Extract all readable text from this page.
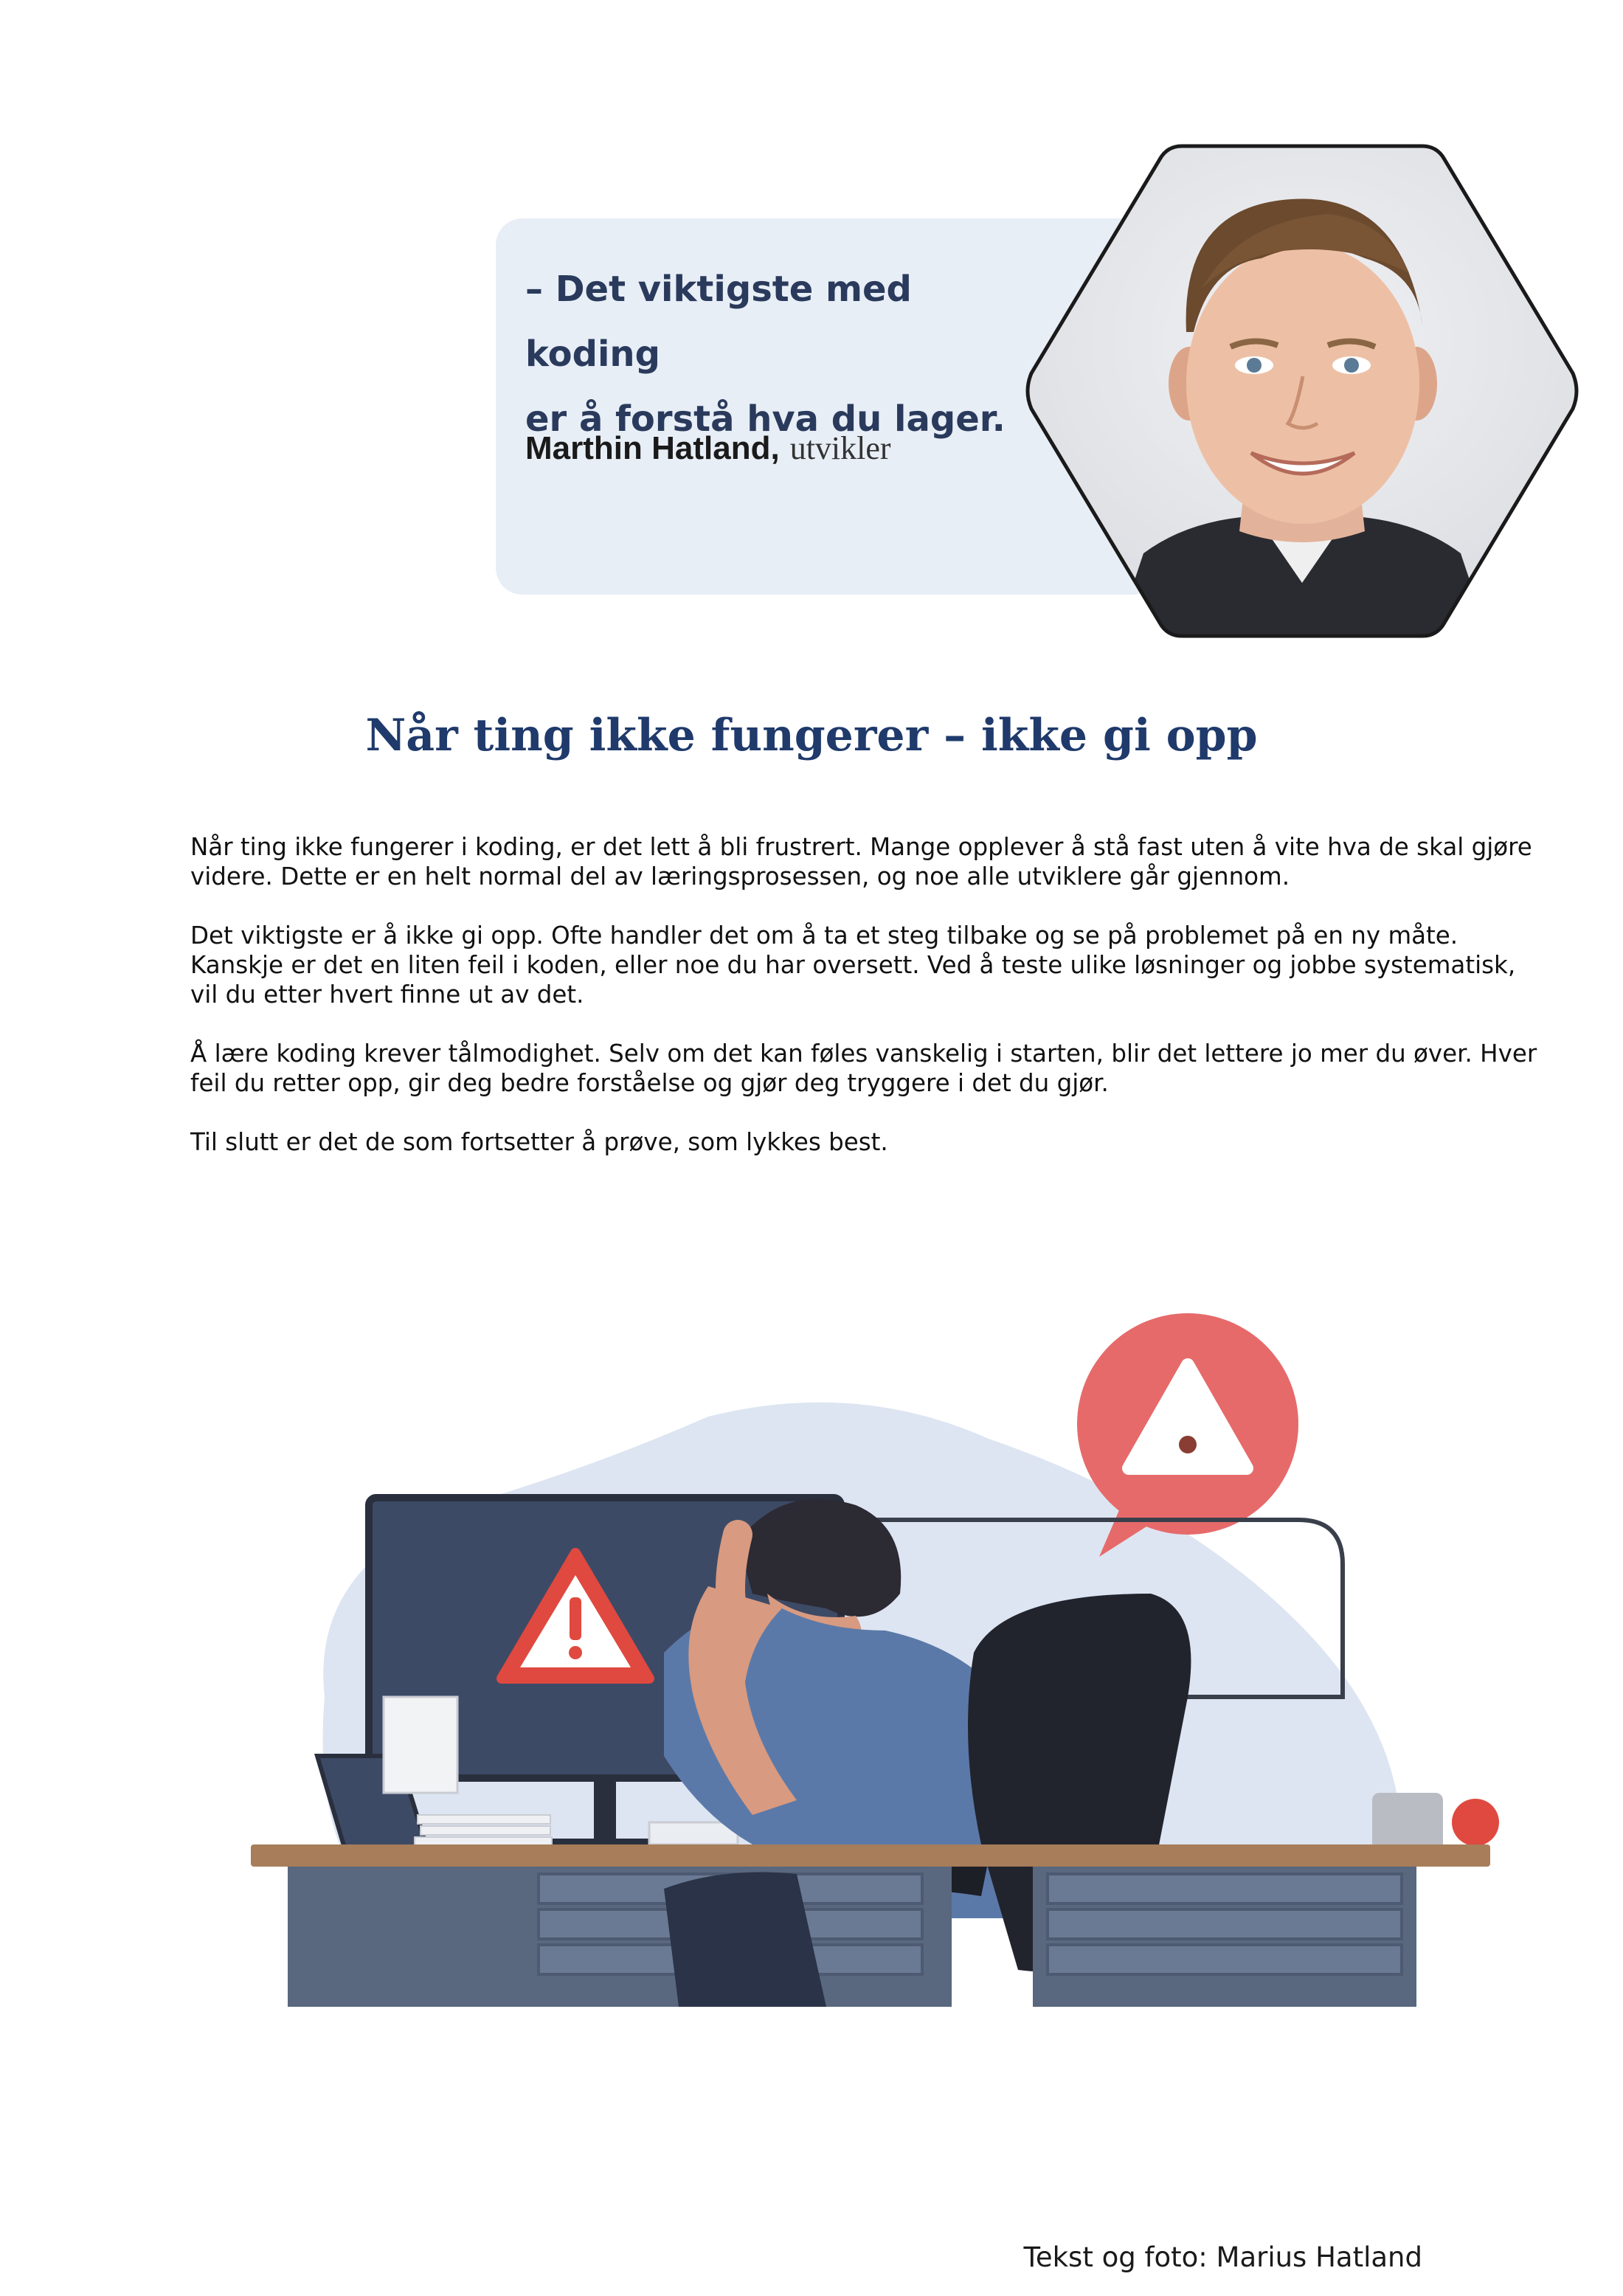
– Det viktigste med koding
er å forstå hva du lager.
Marthin Hatland, utvikler
Når ting ikke fungerer – ikke gi opp

Når ting ikke fungerer i koding, er det lett å bli frustrert. Mange opplever å stå fast uten å vite hva de skal gjøre videre. Dette er en helt normal del av læringsprosessen, og noe alle utviklere går gjennom.

Det viktigste er å ikke gi opp. Ofte handler det om å ta et steg tilbake og se på problemet på en ny måte. Kanskje er det en liten feil i koden, eller noe du har oversett. Ved å teste ulike løsninger og jobbe systematisk, vil du etter hvert finne ut av det.

Å lære koding krever tålmodighet. Selv om det kan føles vanskelig i starten, blir det lettere jo mer du øver. Hver feil du retter opp, gir deg bedre forståelse og gjør deg tryggere i det du gjør.

Til slutt er det de som fortsetter å prøve, som lykkes best.

Tekst og foto: Marius Hatland
